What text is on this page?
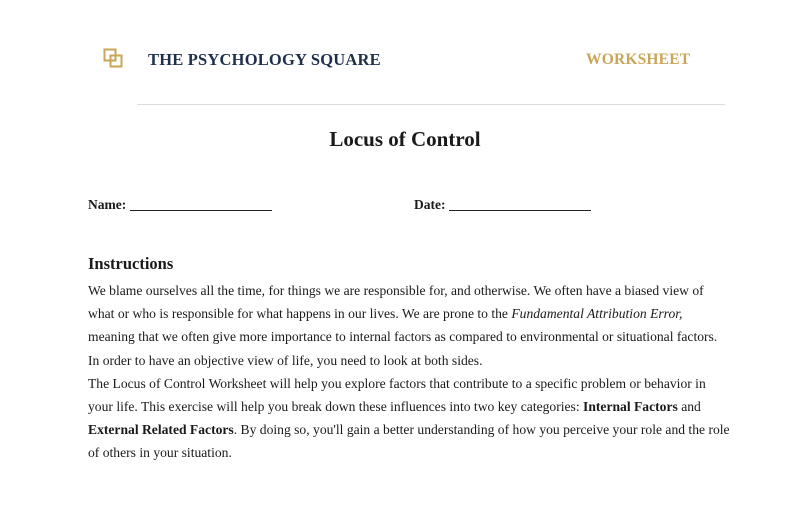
THE PSYCHOLOGY SQUARE	WORKSHEET
Locus of Control
Name:	Date:
Instructions

We blame ourselves all the time, for things we are responsible for, and otherwise. We often have a biased view of what or who is responsible for what happens in our lives. We are prone to the Fundamental Attribution Error, meaning that we often give more importance to internal factors as compared to environmental or situational factors. In order to have an objective view of life, you need to look at both sides.

The Locus of Control Worksheet will help you explore factors that contribute to a specific problem or behavior in your life. This exercise will help you break down these influences into two key categories: Internal Factors and External Related Factors. By doing so, you'll gain a better understanding of how you perceive your role and the role of others in your situation.
